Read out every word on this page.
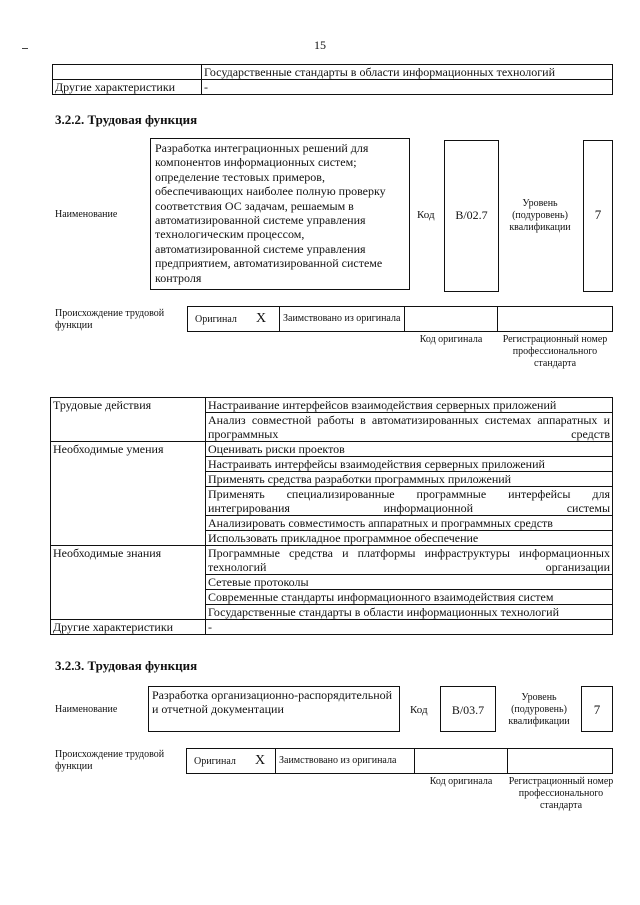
15
	Государственные стандарты в области информационных технологий
Другие характеристики	-
3.2.2. Трудовая функция
Наименование
Разработка интеграционных решений для компонентов информационных систем; определение тестовых примеров, обеспечивающих наиболее полную проверку соответствия ОС задачам, решаемым в автоматизированной системе управления технологическим процессом, автоматизированной системе управления предприятием, автоматизированной системе контроля
Код	B/02.7
Уровень (подуровень) квалификации
7
Происхождение трудовой функции
Оригинал X	Заимствовано из оригинала
Код оригинала	Регистрационный номер профессионального стандарта
Трудовые действия	Настраивание интерфейсов взаимодействия серверных приложений
	Анализ совместной работы в автоматизированных системах аппаратных и программных средств
Необходимые умения	Оценивать риски проектов
	Настраивать интерфейсы взаимодействия серверных приложений
	Применять средства разработки программных приложений
	Применять специализированные программные интерфейсы для интегрирования информационной системы
	Анализировать совместимость аппаратных и программных средств
	Использовать прикладное программное обеспечение
Необходимые знания	Программные средства и платформы инфраструктуры информационных технологий организации
	Сетевые протоколы
	Современные стандарты информационного взаимодействия систем
	Государственные стандарты в области информационных технологий
Другие характеристики	-
3.2.3. Трудовая функция
Наименование
Разработка организационно-распорядительной и отчетной документации	Код	B/03.7
Уровень (подуровень) квалификации
7
Происхождение трудовой функции	Оригинал X	Заимствовано из оригинала
Код оригинала	Регистрационный номер профессионального стандарта
